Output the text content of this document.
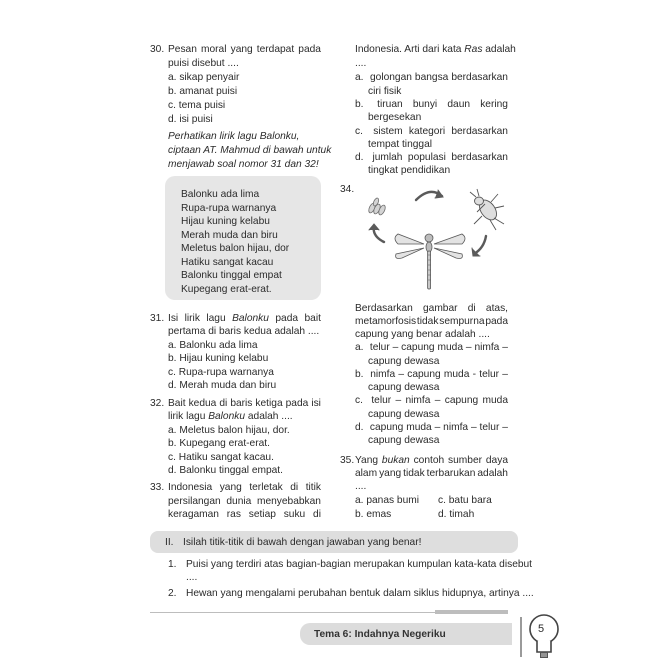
30. Pesan moral yang terdapat pada
puisi disebut ....
a. sikap penyair
b. amanat puisi
c. tema puisi
d. isi puisi
Perhatikan lirik lagu Balonku,
ciptaan AT. Mahmud di bawah untuk
menjawab soal nomor 31 dan 32!
Balonku ada lima
Rupa-rupa warnanya
Hijau kuning kelabu
Merah muda dan biru
Meletus balon hijau, dor
Hatiku sangat kacau
Balonku tinggal empat
Kupegang erat-erat.
31. Isi lirik lagu Balonku pada bait
pertama di baris kedua adalah ....
a. Balonku ada lima
b. Hijau kuning kelabu
c. Rupa-rupa warnanya
d. Merah muda dan biru
32. Bait kedua di baris ketiga pada isi
lirik lagu Balonku adalah ....
a. Meletus balon hijau, dor.
b. Kupegang erat-erat.
c. Hatiku sangat kacau.
d. Balonku tinggal empat.
33. Indonesia yang terletak di titik
persilangan dunia menyebabkan
keragaman ras setiap suku di
Indonesia. Arti dari kata Ras adalah
....
a. golongan bangsa berdasarkan
ciri fisik
b.	tiruan bunyi daun kering
bergesekan
c.	sistem kategori berdasarkan
tempat tinggal
d. jumlah populasi berdasarkan
tingkat pendidikan
34.
Berdasarkan gambar di atas,
metamorfosis tidak sempurna pada
capung yang benar adalah ....
a. telur – capung muda – nimfa –
capung dewasa
b. nimfa – capung muda - telur –
capung dewasa
c. telur – nimfa – capung muda
capung dewasa
d. capung muda – nimfa – telur –
capung dewasa
35. Yang bukan contoh sumber daya
alam yang tidak terbarukan adalah
....
a. panas bumi c. batu bara
b. emas	d. timah
II. Isilah titik-titik di bawah dengan jawaban yang benar!
1. Puisi yang terdiri atas bagian-bagian merupakan kumpulan kata-kata disebut
....
2. Hewan yang mengalami perubahan bentuk dalam siklus hidupnya, artinya ....
Tema 6: Indahnya Negeriku	5
